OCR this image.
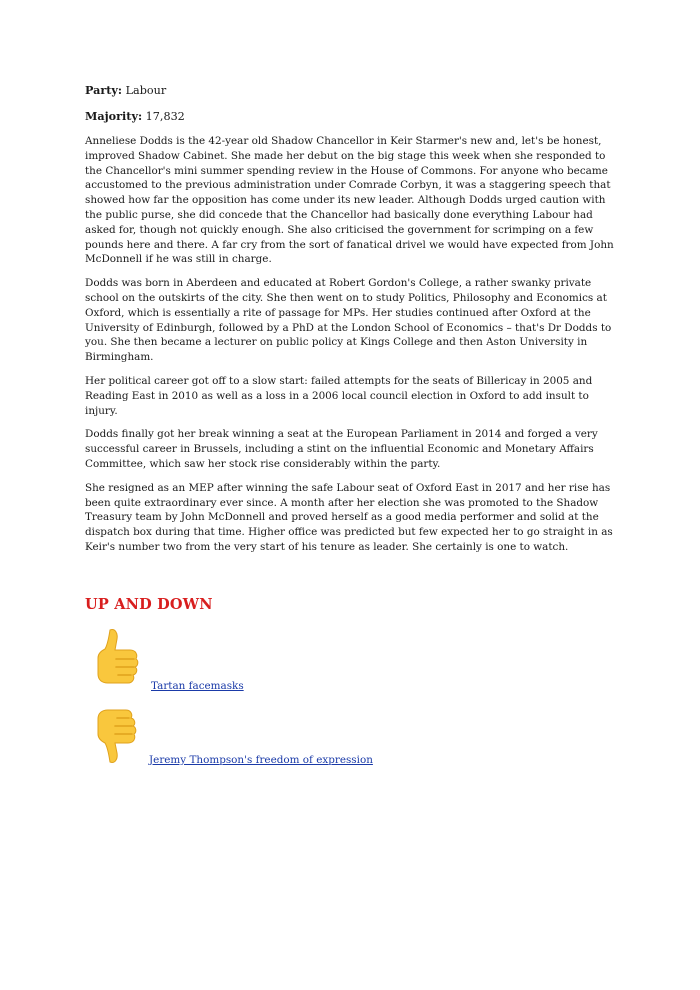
Party: Labour

Majority: 17,832

Anneliese Dodds is the 42-year old Shadow Chancellor in Keir Starmer's new and, let's be honest, improved Shadow Cabinet. She made her debut on the big stage this week when she responded to the Chancellor's mini summer spending review in the House of Commons. For anyone who became accustomed to the previous administration under Comrade Corbyn, it was a staggering speech that showed how far the opposition has come under its new leader. Although Dodds urged caution with the public purse, she did concede that the Chancellor had basically done everything Labour had asked for, though not quickly enough. She also criticised the government for scrimping on a few pounds here and there. A far cry from the sort of fanatical drivel we would have expected from John McDonnell if he was still in charge.

Dodds was born in Aberdeen and educated at Robert Gordon's College, a rather swanky private school on the outskirts of the city. She then went on to study Politics, Philosophy and Economics at Oxford, which is essentially a rite of passage for MPs. Her studies continued after Oxford at the University of Edinburgh, followed by a PhD at the London School of Economics – that's Dr Dodds to you. She then became a lecturer on public policy at Kings College and then Aston University in Birmingham.

Her political career got off to a slow start: failed attempts for the seats of Billericay in 2005 and Reading East in 2010 as well as a loss in a 2006 local council election in Oxford to add insult to injury.

Dodds finally got her break winning a seat at the European Parliament in 2014 and forged a very successful career in Brussels, including a stint on the influential Economic and Monetary Affairs Committee, which saw her stock rise considerably within the party.

She resigned as an MEP after winning the safe Labour seat of Oxford East in 2017 and her rise has been quite extraordinary ever since. A month after her election she was promoted to the Shadow Treasury team by John McDonnell and proved herself as a good media performer and solid at the dispatch box during that time. Higher office was predicted but few expected her to go straight in as Keir's number two from the very start of his tenure as leader. She certainly is one to watch.

UP AND DOWN
Tartan facemasks
Jeremy Thompson's freedom of expression
